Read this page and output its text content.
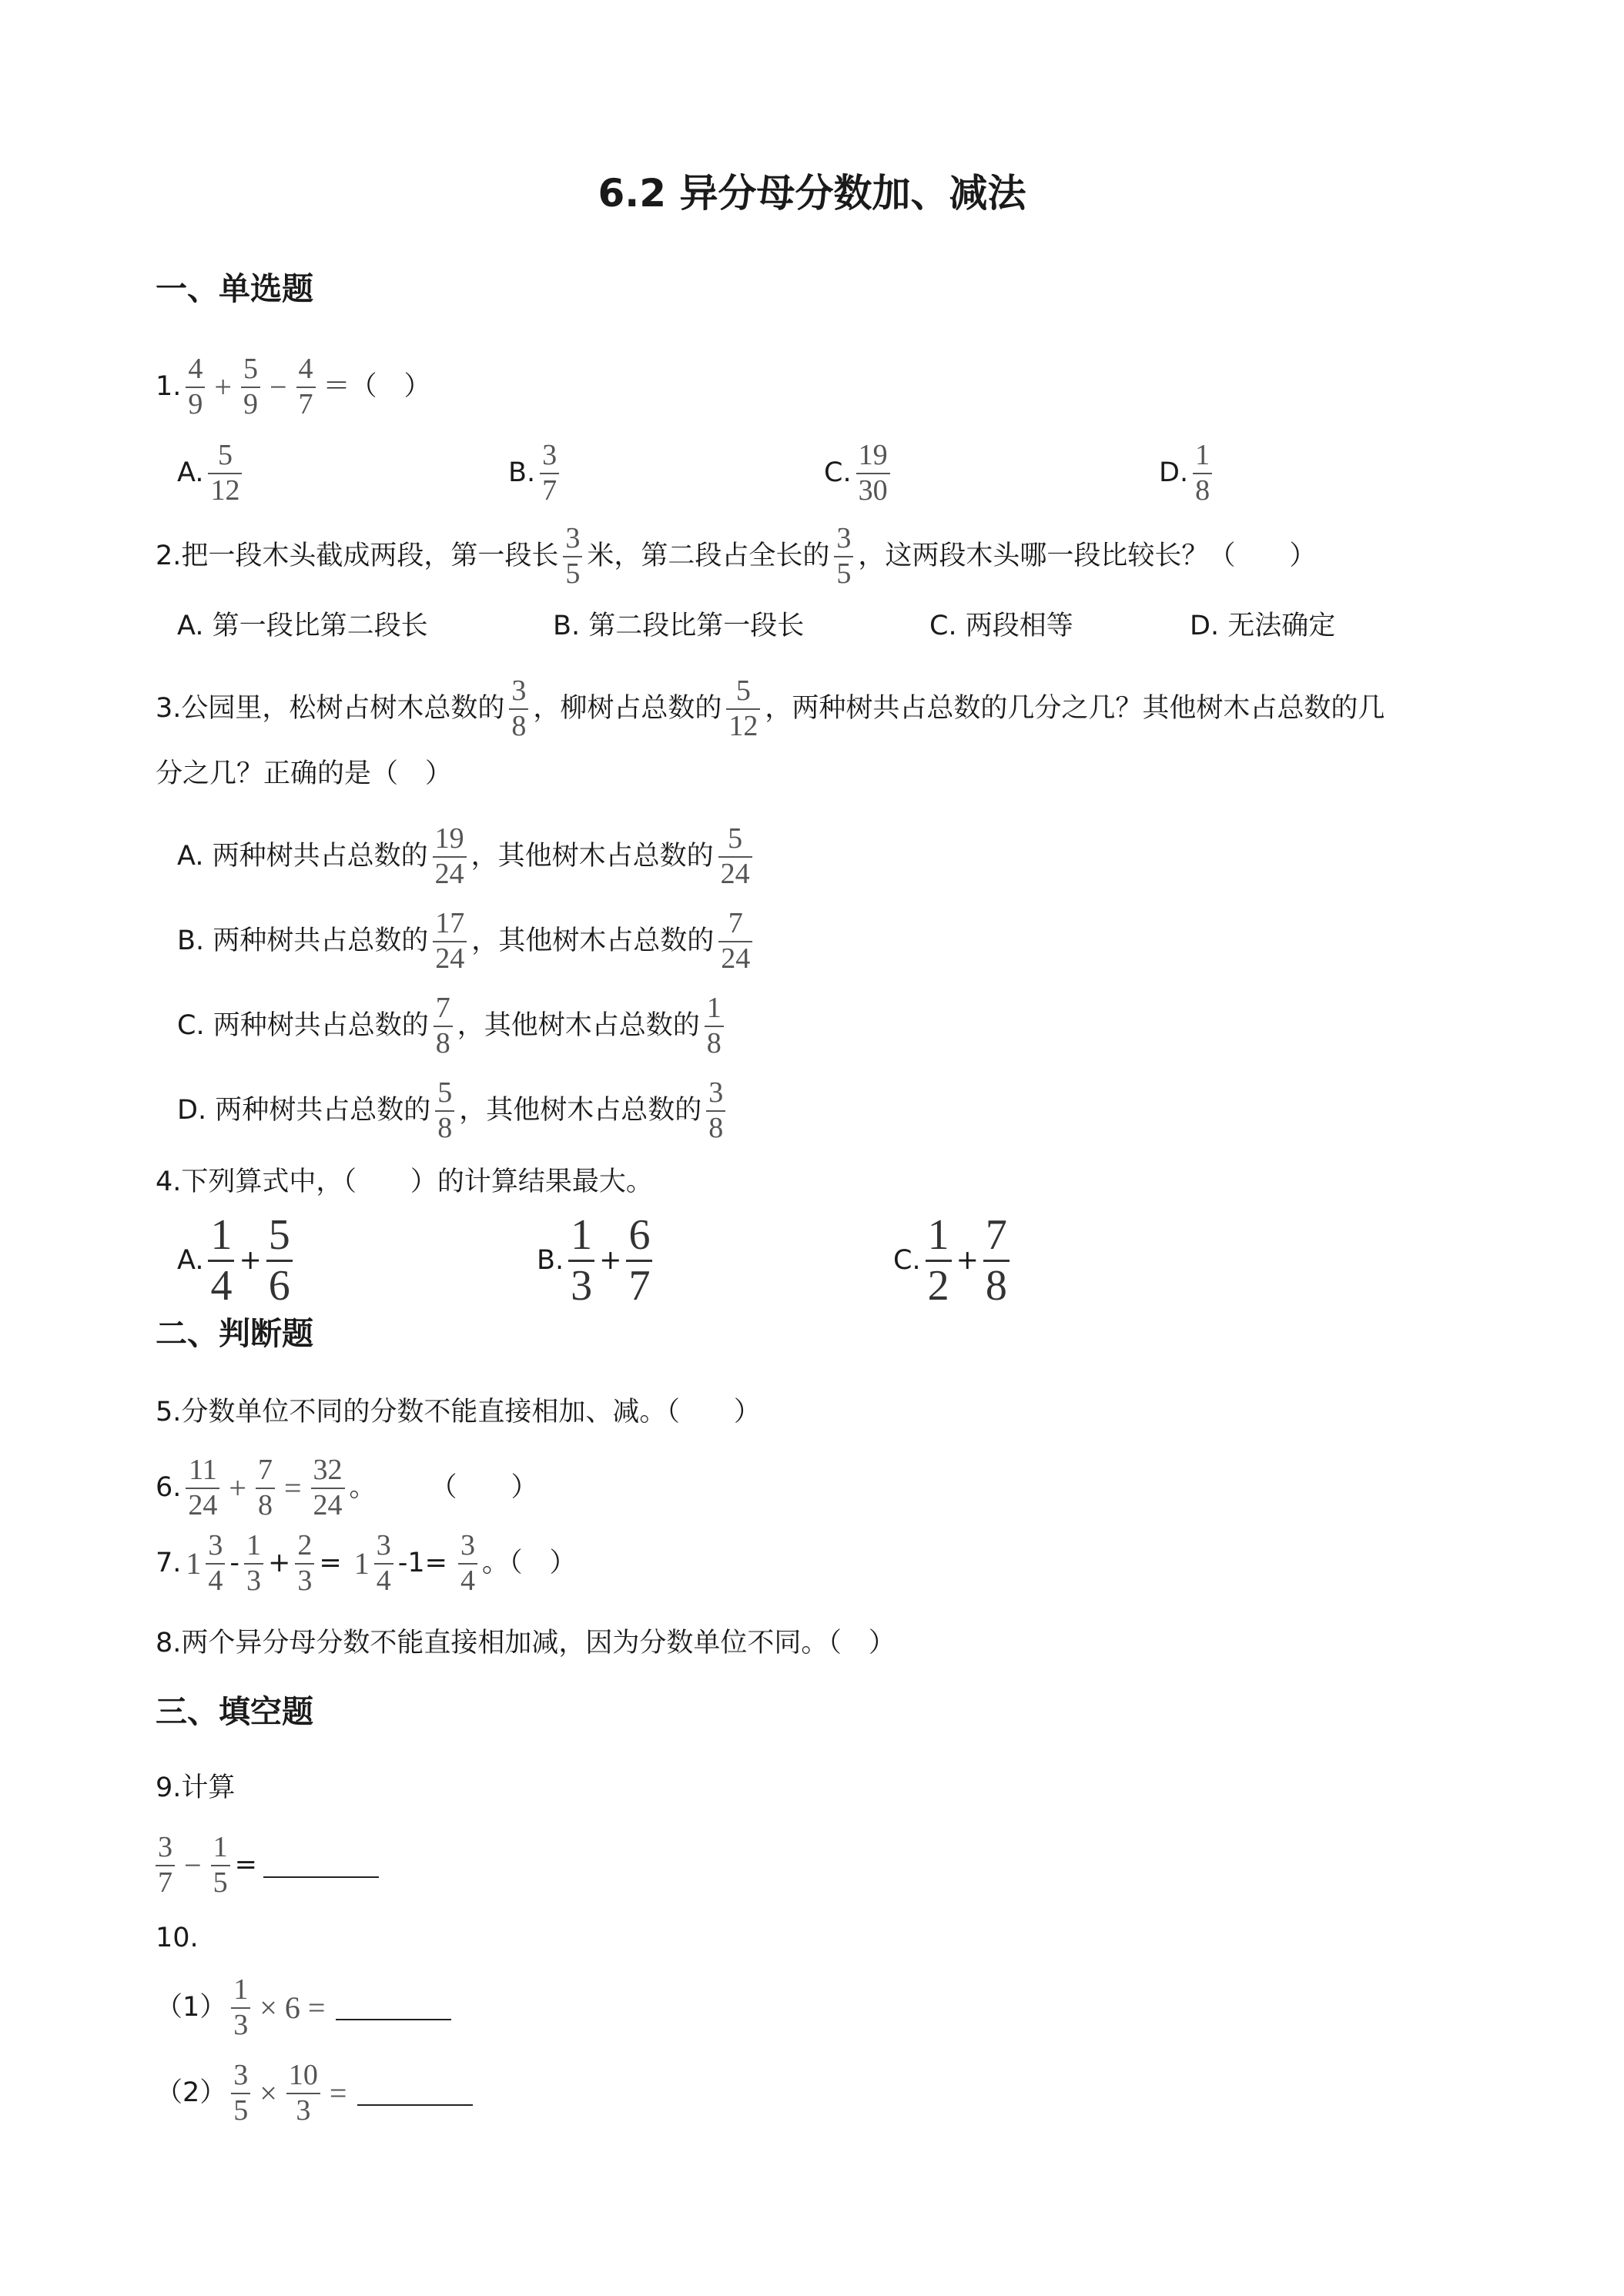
6.2 异分母分数加、减法
一、单选题
1. $\frac{4}{9} + \frac{5}{9} - \frac{4}{7}$ ＝（　）
A. $\frac{5}{12}$	B. $\frac{3}{7}$	C. $\frac{19}{30}$	D. $\frac{1}{8}$
2.把一段木头截成两段，第一段长 $\frac{3}{5}$ 米，第二段占全长的 $\frac{3}{5}$ ，这两段木头哪一段比较长？（　　）
A. 第一段比第二段长	B. 第二段比第一段长	C. 两段相等	D. 无法确定
3.公园里，松树占树木总数的 $\frac{3}{8}$ ，柳树占总数的 $\frac{5}{12}$ ，两种树共占总数的几分之几？其他树木占总数的几
分之几？正确的是（　）
A. 两种树共占总数的 $\frac{19}{24}$ ，其他树木占总数的 $\frac{5}{24}$
B. 两种树共占总数的 $\frac{17}{24}$ ，其他树木占总数的 $\frac{7}{24}$
C. 两种树共占总数的 $\frac{7}{8}$ ，其他树木占总数的 $\frac{1}{8}$
D. 两种树共占总数的 $\frac{5}{8}$ ，其他树木占总数的 $\frac{3}{8}$
4.下列算式中，（　　）的计算结果最大。
A. $\frac{1}{4} + \frac{5}{6}$	B. $\frac{1}{3} + \frac{6}{7}$	C. $\frac{1}{2} + \frac{7}{8}$
二、判断题
5.分数单位不同的分数不能直接相加、减。（　　）
6. $\frac{11}{24} + \frac{7}{8} = \frac{32}{24}$ 。　　　（　　）
7. $1 \frac{3}{4} - \frac{1}{3} + \frac{2}{3} = 1 \frac{3}{4} -1= \frac{3}{4}$ 。（　）
8.两个异分母分数不能直接相加减，因为分数单位不同。（　）
三、填空题
9.计算
$\frac{3}{7} - \frac{1}{5}$ =
10.
$(1) \frac{1}{3} \times 6$ =
$(2) \frac{3}{5} \times \frac{10}{3}$ =
